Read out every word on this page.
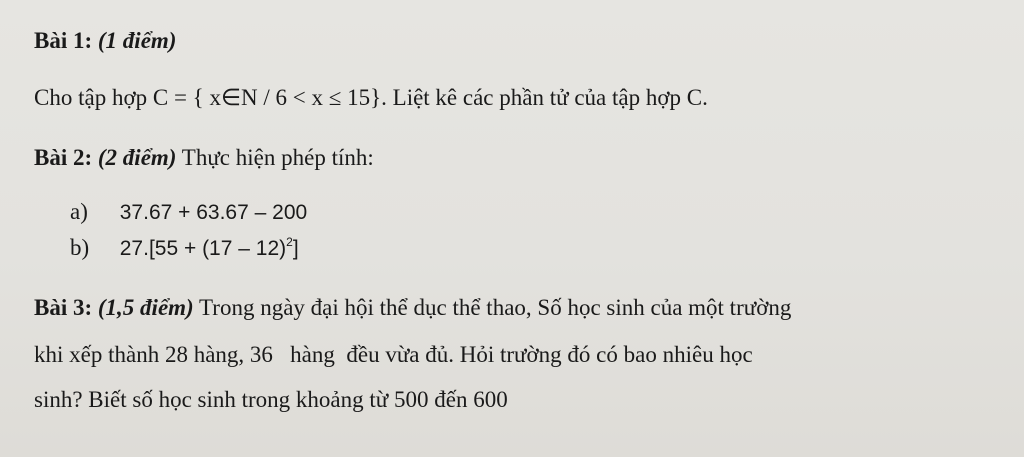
Bài 1: (1 điểm)
Cho tập hợp C = { x∈N / 6 < x ≤ 15}. Liệt kê các phần tử của tập hợp C.
Bài 2: (2 điểm) Thực hiện phép tính:
a) 37.67 + 63.67 – 200
b) 27.[55 + (17 – 12)$^2$]
Bài 3: (1,5 điểm) Trong ngày đại hội thể dục thể thao, Số học sinh của một trường
khi xếp thành 28 hàng, 36   hàng  đều vừa đủ. Hỏi trường đó có bao nhiêu học
sinh? Biết số học sinh trong khoảng từ 500 đến 600
